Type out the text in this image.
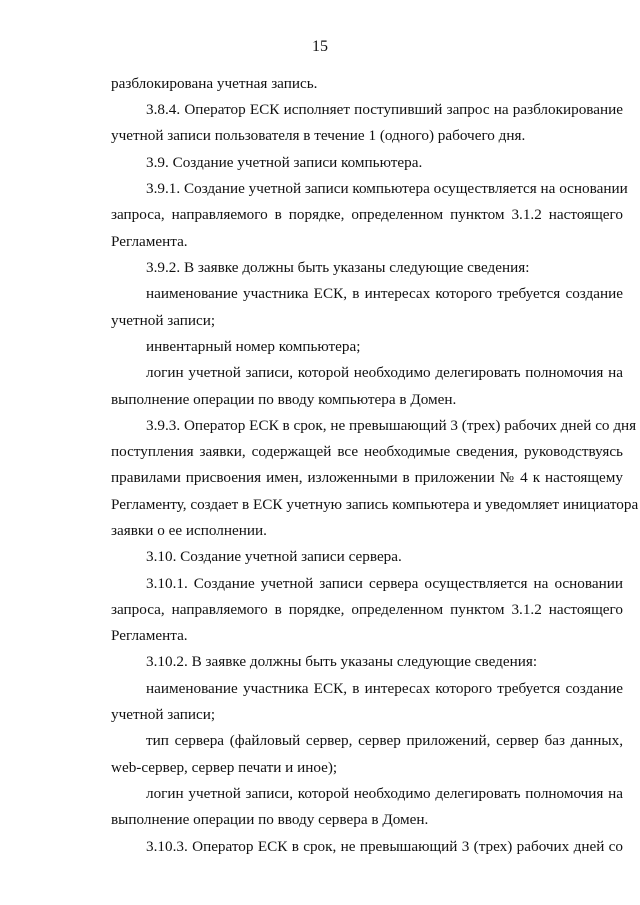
15
разблокирована учетная запись.
3.8.4. Оператор ЕСК исполняет поступивший запрос на разблокирование
учетной записи пользователя в течение 1 (одного) рабочего дня.
3.9. Создание учетной записи компьютера.
3.9.1. Создание учетной записи компьютера осуществляется на основании
запроса, направляемого в порядке, определенном пунктом 3.1.2 настоящего
Регламента.
3.9.2. В заявке должны быть указаны следующие сведения:
наименование участника ЕСК, в интересах которого требуется создание
учетной записи;
инвентарный номер компьютера;
логин учетной записи, которой необходимо делегировать полномочия на
выполнение операции по вводу компьютера в Домен.
3.9.3. Оператор ЕСК в срок, не превышающий 3 (трех) рабочих дней со дня
поступления заявки, содержащей все необходимые сведения, руководствуясь
правилами присвоения имен, изложенными в приложении № 4 к настоящему
Регламенту, создает в ЕСК учетную запись компьютера и уведомляет инициатора
заявки о ее исполнении.
3.10. Создание учетной записи сервера.
3.10.1. Создание учетной записи сервера осуществляется на основании
запроса, направляемого в порядке, определенном пунктом 3.1.2 настоящего
Регламента.
3.10.2. В заявке должны быть указаны следующие сведения:
наименование участника ЕСК, в интересах которого требуется создание
учетной записи;
тип сервера (файловый сервер, сервер приложений, сервер баз данных,
web-сервер, сервер печати и иное);
логин учетной записи, которой необходимо делегировать полномочия на
выполнение операции по вводу сервера в Домен.
3.10.3. Оператор ЕСК в срок, не превышающий 3 (трех) рабочих дней со
